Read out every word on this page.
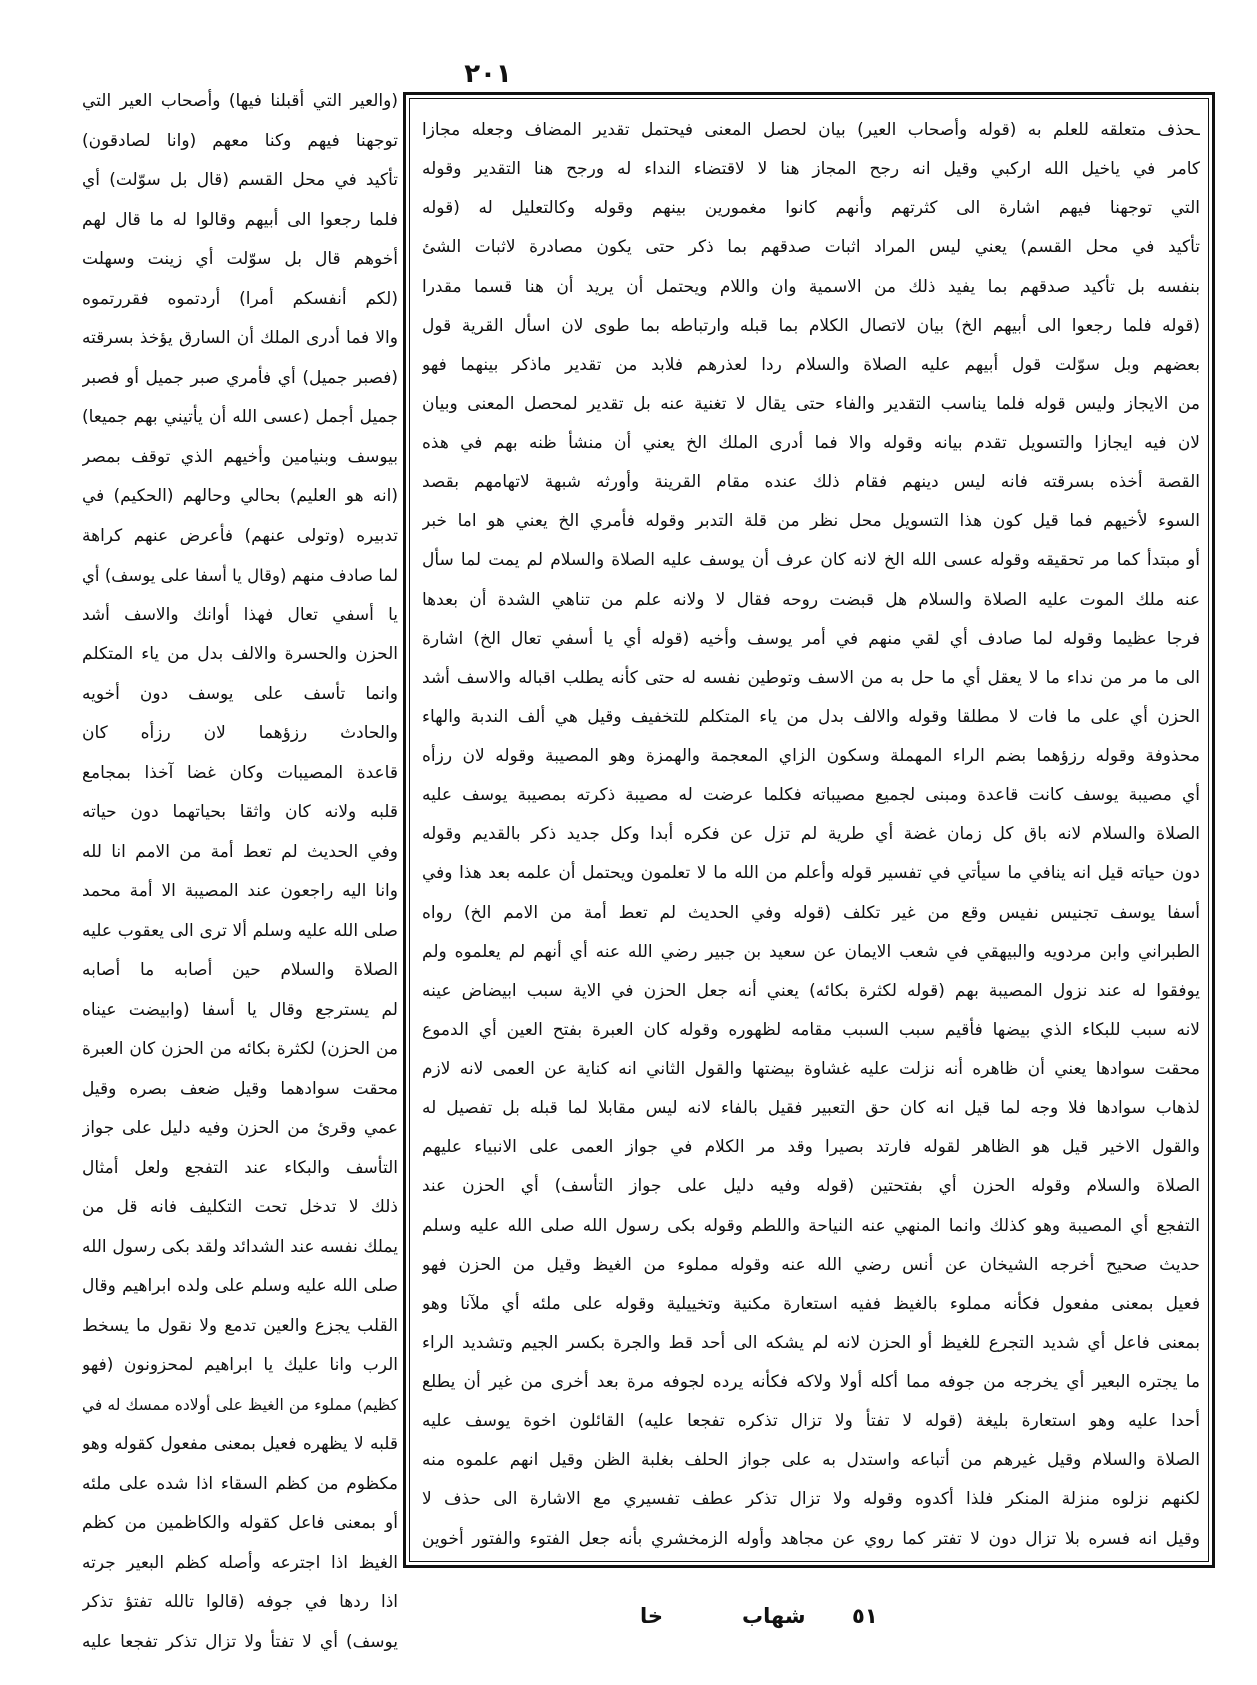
٢٠١
(والعير التي أقبلنا فيها) وأصحاب العير التي
توجهنا فيهم وكنا معهم (وانا لصادقون)
تأكيد في محل القسم (قال بل سوّلت) أي
فلما رجعوا الى أبيهم وقالوا له ما قال لهم
أخوهم قال بل سوّلت أي زينت وسهلت
(لكم أنفسكم أمرا) أردتموه فقررتموه
والا فما أدرى الملك أن السارق يؤخذ بسرقته
(فصبر جميل) أي فأمري صبر جميل أو فصبر
جميل أجمل (عسى الله أن يأتيني بهم جميعا)
بيوسف وبنيامين وأخيهم الذي توقف بمصر
(انه هو العليم) بحالي وحالهم (الحكيم) في
تدبيره (وتولى عنهم) فأعرض عنهم كراهة
لما صادف منهم (وقال يا أسفا على يوسف) أي
يا أسفي تعال فهذا أوانك والاسف أشد
الحزن والحسرة والالف بدل من ياء المتكلم
وانما تأسف على يوسف دون أخويه
والحادث رزؤهما لان رزأه كان
قاعدة المصيبات وكان غضا آخذا بمجامع
قلبه ولانه كان واثقا بحياتهما دون حياته
وفي الحديث لم تعط أمة من الامم انا لله
وانا اليه راجعون عند المصيبة الا أمة محمد
صلى الله عليه وسلم ألا ترى الى يعقوب عليه
الصلاة والسلام حين أصابه ما أصابه
لم يسترجع وقال يا أسفا (وابيضت عيناه
من الحزن) لكثرة بكائه من الحزن كان العبرة
محقت سوادهما وقيل ضعف بصره وقيل
عمي وقرئ من الحزن وفيه دليل على جواز
التأسف والبكاء عند التفجع ولعل أمثال
ذلك لا تدخل تحت التكليف فانه قل من
يملك نفسه عند الشدائد ولقد بكى رسول الله
صلى الله عليه وسلم على ولده ابراهيم وقال
القلب يجزع والعين تدمع ولا نقول ما يسخط
الرب وانا عليك يا ابراهيم لمحزونون (فهو
كظيم) مملوء من الغيظ على أولاده ممسك له في
قلبه لا يظهره فعيل بمعنى مفعول كقوله وهو
مكظوم من كظم السقاء اذا شده على ملئه
أو بمعنى فاعل كقوله والكاظمين من كظم
الغيظ اذا اجترعه وأصله كظم البعير جرته
اذا ردها في جوفه (قالوا تالله تفتؤ تذكر
يوسف) أي لا تفتأ ولا تزال تذكر تفجعا عليه
ـحذف متعلقه للعلم به (قوله وأصحاب العير) بيان لحصل المعنى فيحتمل تقدير المضاف وجعله مجازا
كامر في ياخيل الله اركبي وقيل انه رجح المجاز هنا لا لاقتضاء النداء له ورجح هنا التقدير وقوله
التي توجهنا فيهم اشارة الى كثرتهم وأنهم كانوا مغمورين بينهم وقوله وكالتعليل له (قوله
تأكيد في محل القسم) يعني ليس المراد اثبات صدقهم بما ذكر حتى يكون مصادرة لاثبات الشئ
بنفسه بل تأكيد صدقهم بما يفيد ذلك من الاسمية وان واللام ويحتمل أن يريد أن هنا قسما مقدرا
(قوله فلما رجعوا الى أبيهم الخ) بيان لاتصال الكلام بما قبله وارتباطه بما طوى لان اسأل القرية قول
بعضهم وبل سوّلت قول أبيهم عليه الصلاة والسلام ردا لعذرهم فلابد من تقدير ماذكر بينهما فهو
من الايجاز وليس قوله فلما يناسب التقدير والفاء حتى يقال لا تغنية عنه بل تقدير لمحصل المعنى وبيان
لان فيه ايجازا والتسويل تقدم بيانه وقوله والا فما أدرى الملك الخ يعني أن منشأ ظنه بهم في هذه
القصة أخذه بسرقته فانه ليس دينهم فقام ذلك عنده مقام القرينة وأورثه شبهة لاتهامهم بقصد
السوء لأخيهم فما قيل كون هذا التسويل محل نظر من قلة التدبر وقوله فأمري الخ يعني هو اما خبر
أو مبتدأ كما مر تحقيقه وقوله عسى الله الخ لانه كان عرف أن يوسف عليه الصلاة والسلام لم يمت لما سأل
عنه ملك الموت عليه الصلاة والسلام هل قبضت روحه فقال لا ولانه علم من تناهي الشدة أن بعدها
فرجا عظيما وقوله لما صادف أي لقي منهم في أمر يوسف وأخيه (قوله أي يا أسفي تعال الخ) اشارة
الى ما مر من نداء ما لا يعقل أي ما حل به من الاسف وتوطين نفسه له حتى كأنه يطلب اقباله والاسف أشد
الحزن أي على ما فات لا مطلقا وقوله والالف بدل من ياء المتكلم للتخفيف وقيل هي ألف الندبة والهاء
محذوفة وقوله رزؤهما بضم الراء المهملة وسكون الزاي المعجمة والهمزة وهو المصيبة وقوله لان رزأه
أي مصيبة يوسف كانت قاعدة ومبنى لجميع مصيباته فكلما عرضت له مصيبة ذكرته بمصيبة يوسف عليه
الصلاة والسلام لانه باق كل زمان غضة أي طرية لم تزل عن فكره أبدا وكل جديد ذكر بالقديم وقوله
دون حياته قيل انه ينافي ما سيأتي في تفسير قوله وأعلم من الله ما لا تعلمون ويحتمل أن علمه بعد هذا وفي
أسفا يوسف تجنيس نفيس وقع من غير تكلف (قوله وفي الحديث لم تعط أمة من الامم الخ) رواه
الطبراني وابن مردويه والبيهقي في شعب الايمان عن سعيد بن جبير رضي الله عنه أي أنهم لم يعلموه ولم
يوفقوا له عند نزول المصيبة بهم (قوله لكثرة بكائه) يعني أنه جعل الحزن في الاية سبب ابيضاض عينه
لانه سبب للبكاء الذي بيضها فأقيم سبب السبب مقامه لظهوره وقوله كان العبرة بفتح العين أي الدموع
محقت سوادها يعني أن ظاهره أنه نزلت عليه غشاوة بيضتها والقول الثاني انه كناية عن العمى لانه لازم
لذهاب سوادها فلا وجه لما قيل انه كان حق التعبير فقيل بالفاء لانه ليس مقابلا لما قبله بل تفصيل له
والقول الاخير قيل هو الظاهر لقوله فارتد بصيرا وقد مر الكلام في جواز العمى على الانبياء عليهم
الصلاة والسلام وقوله الحزن أي بفتحتين (قوله وفيه دليل على جواز التأسف) أي الحزن عند
التفجع أي المصيبة وهو كذلك وانما المنهي عنه النياحة واللطم وقوله بكى رسول الله صلى الله عليه وسلم
حديث صحيح أخرجه الشيخان عن أنس رضي الله عنه وقوله مملوء من الغيظ وقيل من الحزن فهو
فعيل بمعنى مفعول فكأنه مملوء بالغيظ ففيه استعارة مكنية وتخييلية وقوله على ملئه أي ملآنا وهو
بمعنى فاعل أي شديد التجرع للغيظ أو الحزن لانه لم يشكه الى أحد قط والجرة بكسر الجيم وتشديد الراء
ما يجتره البعير أي يخرجه من جوفه مما أكله أولا ولاكه فكأنه يرده لجوفه مرة بعد أخرى من غير أن يطلع
أحدا عليه وهو استعارة بليغة (قوله لا تفتأ ولا تزال تذكره تفجعا عليه) القائلون اخوة يوسف عليه
الصلاة والسلام وقيل غيرهم من أتباعه واستدل به على جواز الحلف بغلبة الظن وقيل انهم علموه منه
لكنهم نزلوه منزلة المنكر فلذا أكدوه وقوله ولا تزال تذكر عطف تفسيري مع الاشارة الى حذف لا
وقيل انه فسره بلا تزال دون لا تفتر كما روي عن مجاهد وأوله الزمخشري بأنه جعل الفتوء والفتور أخوين
٥١
شهاب
خا
